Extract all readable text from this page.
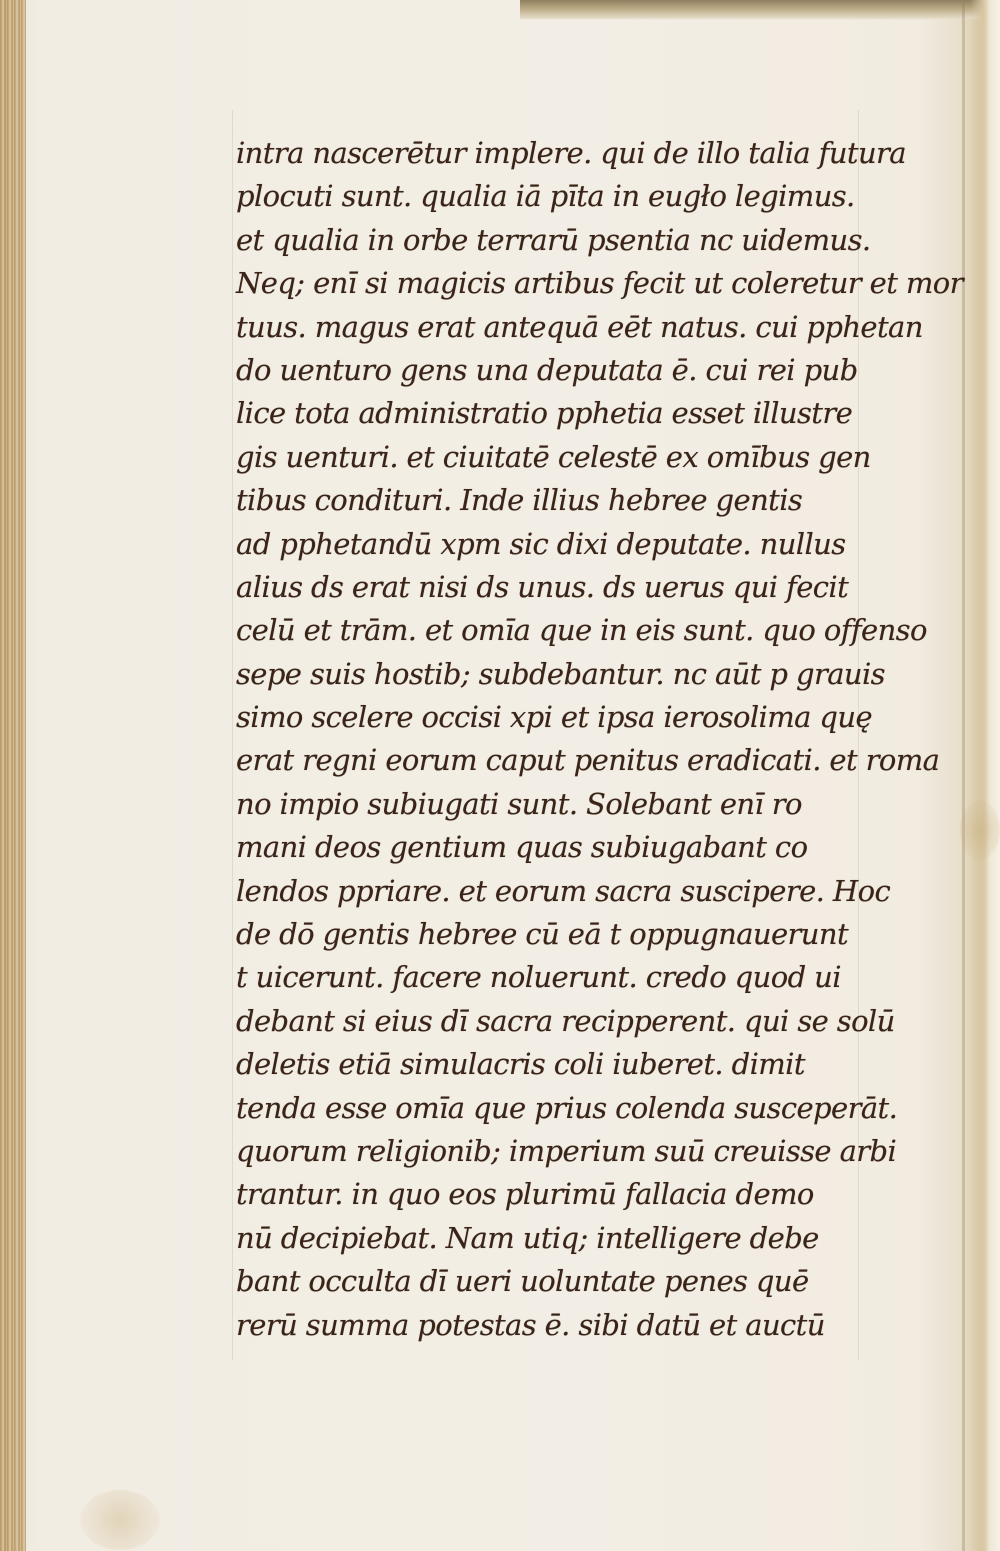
intra nascerētur implere. qui de illo talia futura
plocuti sunt. qualia iā pīta in eugło legimus.
et qualia in orbe terrarū psentia nc uidemus.
Neq; enī si magicis artibus fecit ut coleretur et mor
tuus. magus erat antequā eēt natus. cui pphetan
do uenturo gens una deputata ē. cui rei pub
lice tota administratio pphetia esset illustre
gis uenturi. et ciuitatē celestē ex omībus gen
tibus condituri. Inde illius hebree gentis
ad pphetandū xpm sic dixi deputate. nullus
alius ds erat nisi ds unus. ds uerus qui fecit
celū et trām. et omīa que in eis sunt. quo offenso
sepe suis hostib; subdebantur. nc aūt p grauis
simo scelere occisi xpi et ipsa ierosolima quę
erat regni eorum caput penitus eradicati. et roma
no impio subiugati sunt. Solebant enī ro
mani deos gentium quas subiugabant co
lendos ppriare. et eorum sacra suscipere. Hoc
de dō gentis hebree cū eā t oppugnauerunt
t uicerunt. facere noluerunt. credo quod ui
debant si eius dī sacra recipperent. qui se solū
deletis etiā simulacris coli iuberet. dimit
tenda esse omīa que prius colenda susceperāt.
quorum religionib; imperium suū creuisse arbi
trantur. in quo eos plurimū fallacia demo
nū decipiebat. Nam utiq; intelligere debe
bant occulta dī ueri uoluntate penes quē
rerū summa potestas ē. sibi datū et auctū
